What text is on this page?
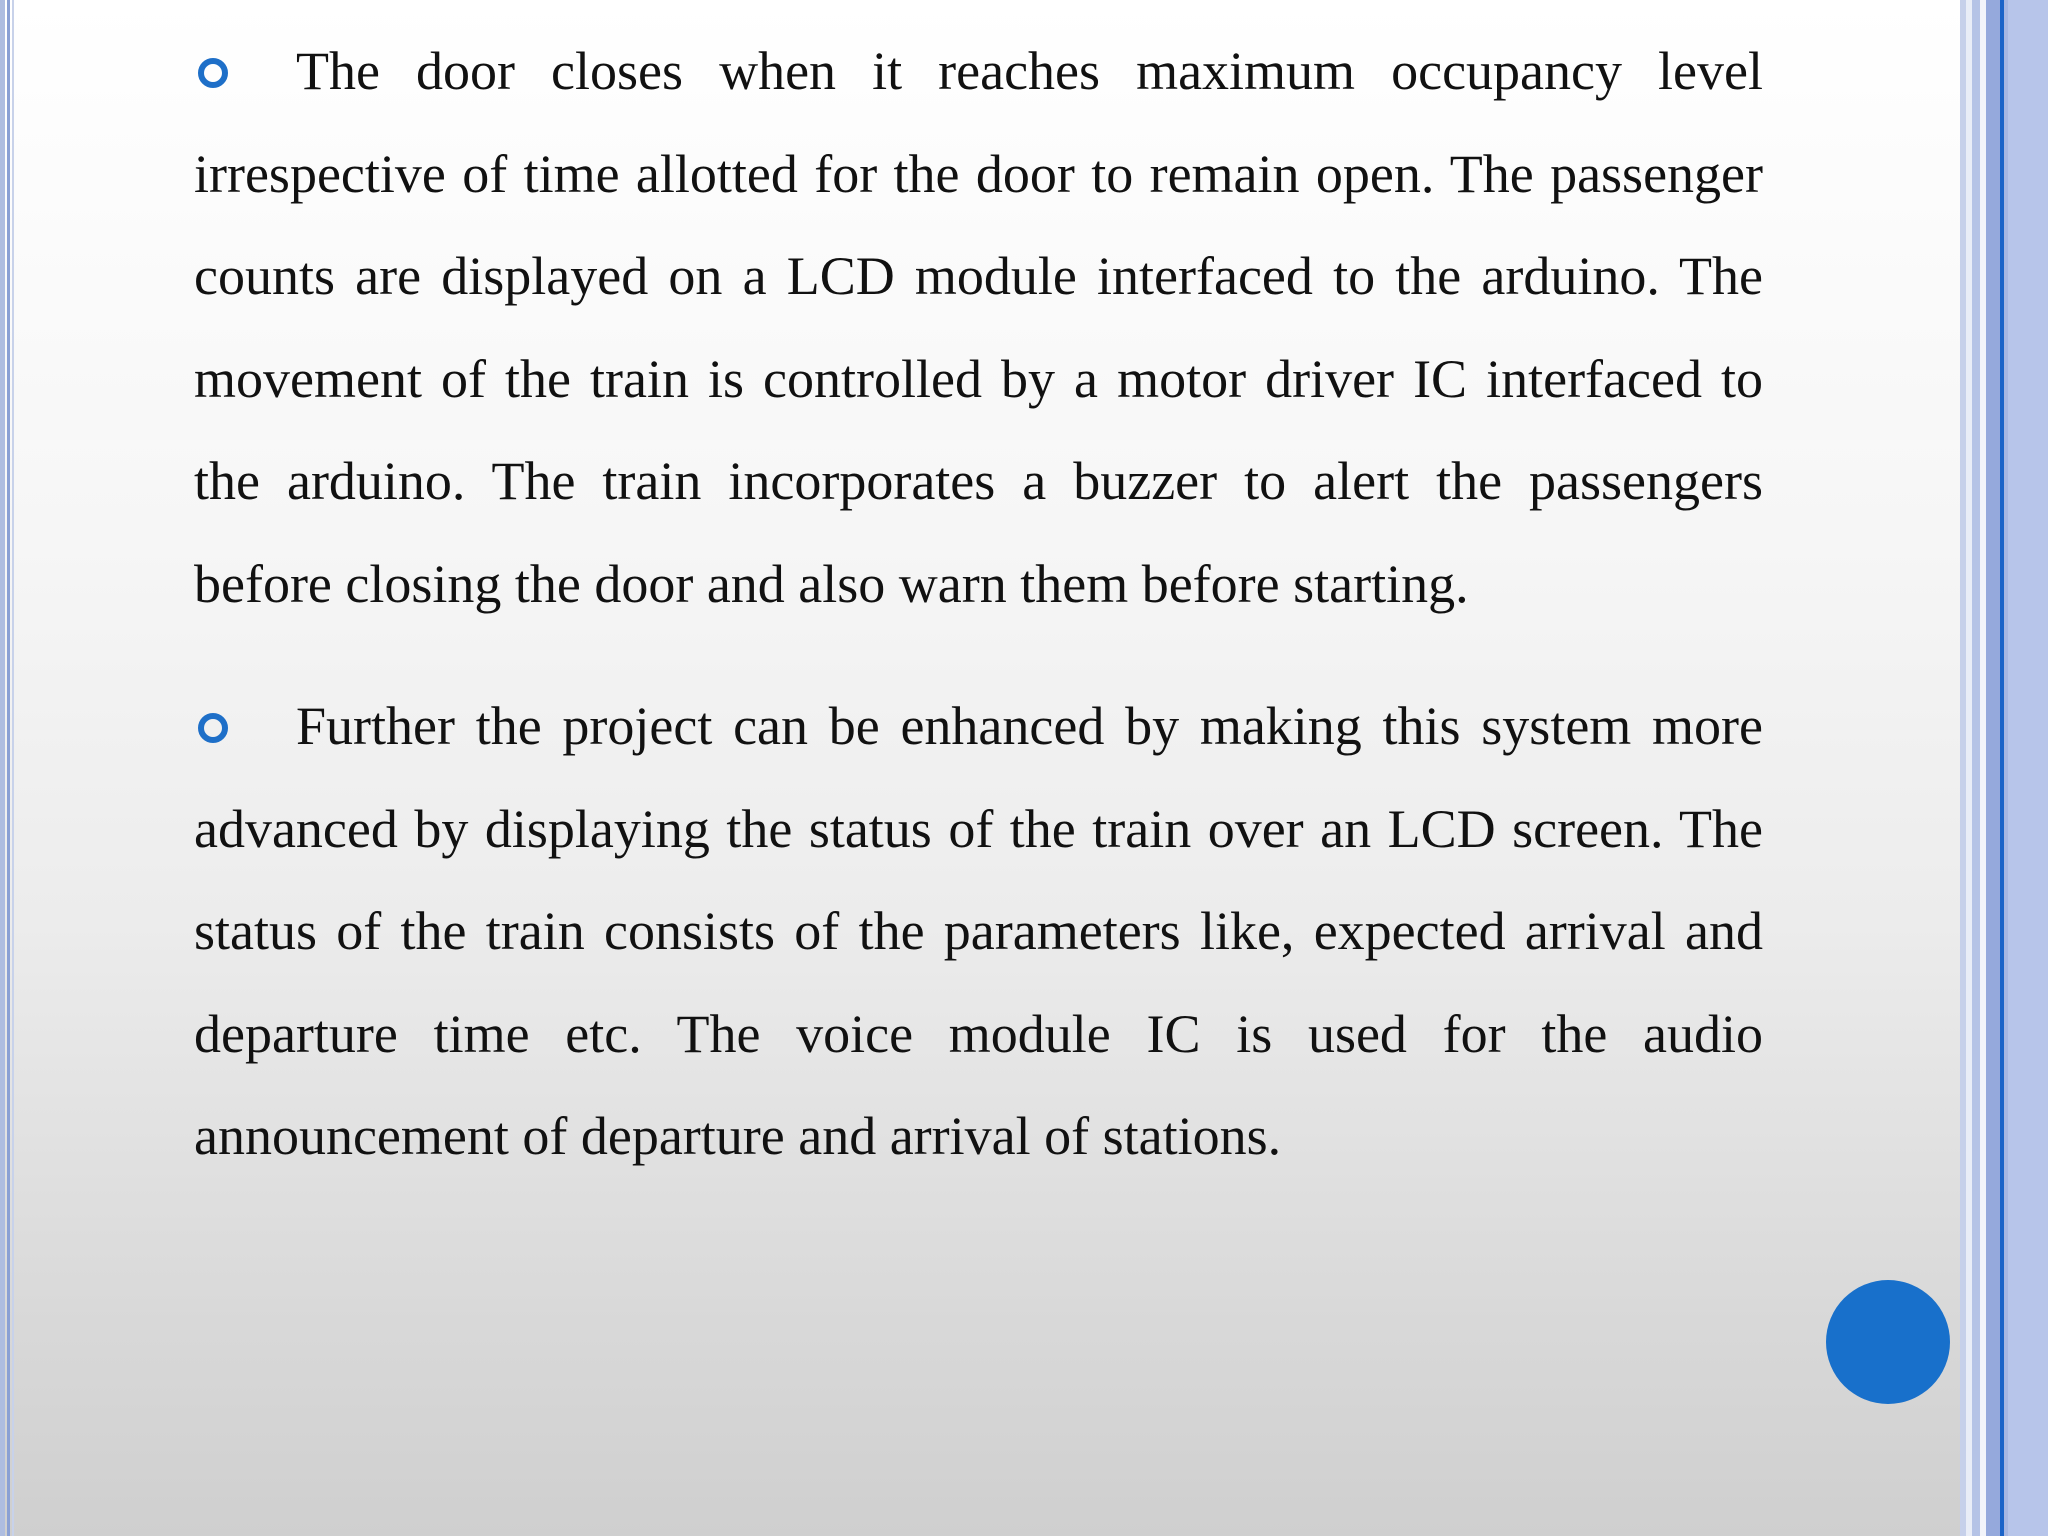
The door closes when it reaches maximum occupancy level irrespective of time allotted for the door to remain open. The passenger counts are displayed on a LCD module interfaced to the arduino. The movement of the train is controlled by a motor driver IC interfaced to the arduino. The train incorporates a buzzer to alert the passengers before closing the door and also warn them before starting.

Further the project can be enhanced by making this system more advanced by displaying the status of the train over an LCD screen. The status of the train consists of the parameters like, expected arrival and departure time etc. The voice module IC is used for the audio announcement of departure and arrival of stations.
